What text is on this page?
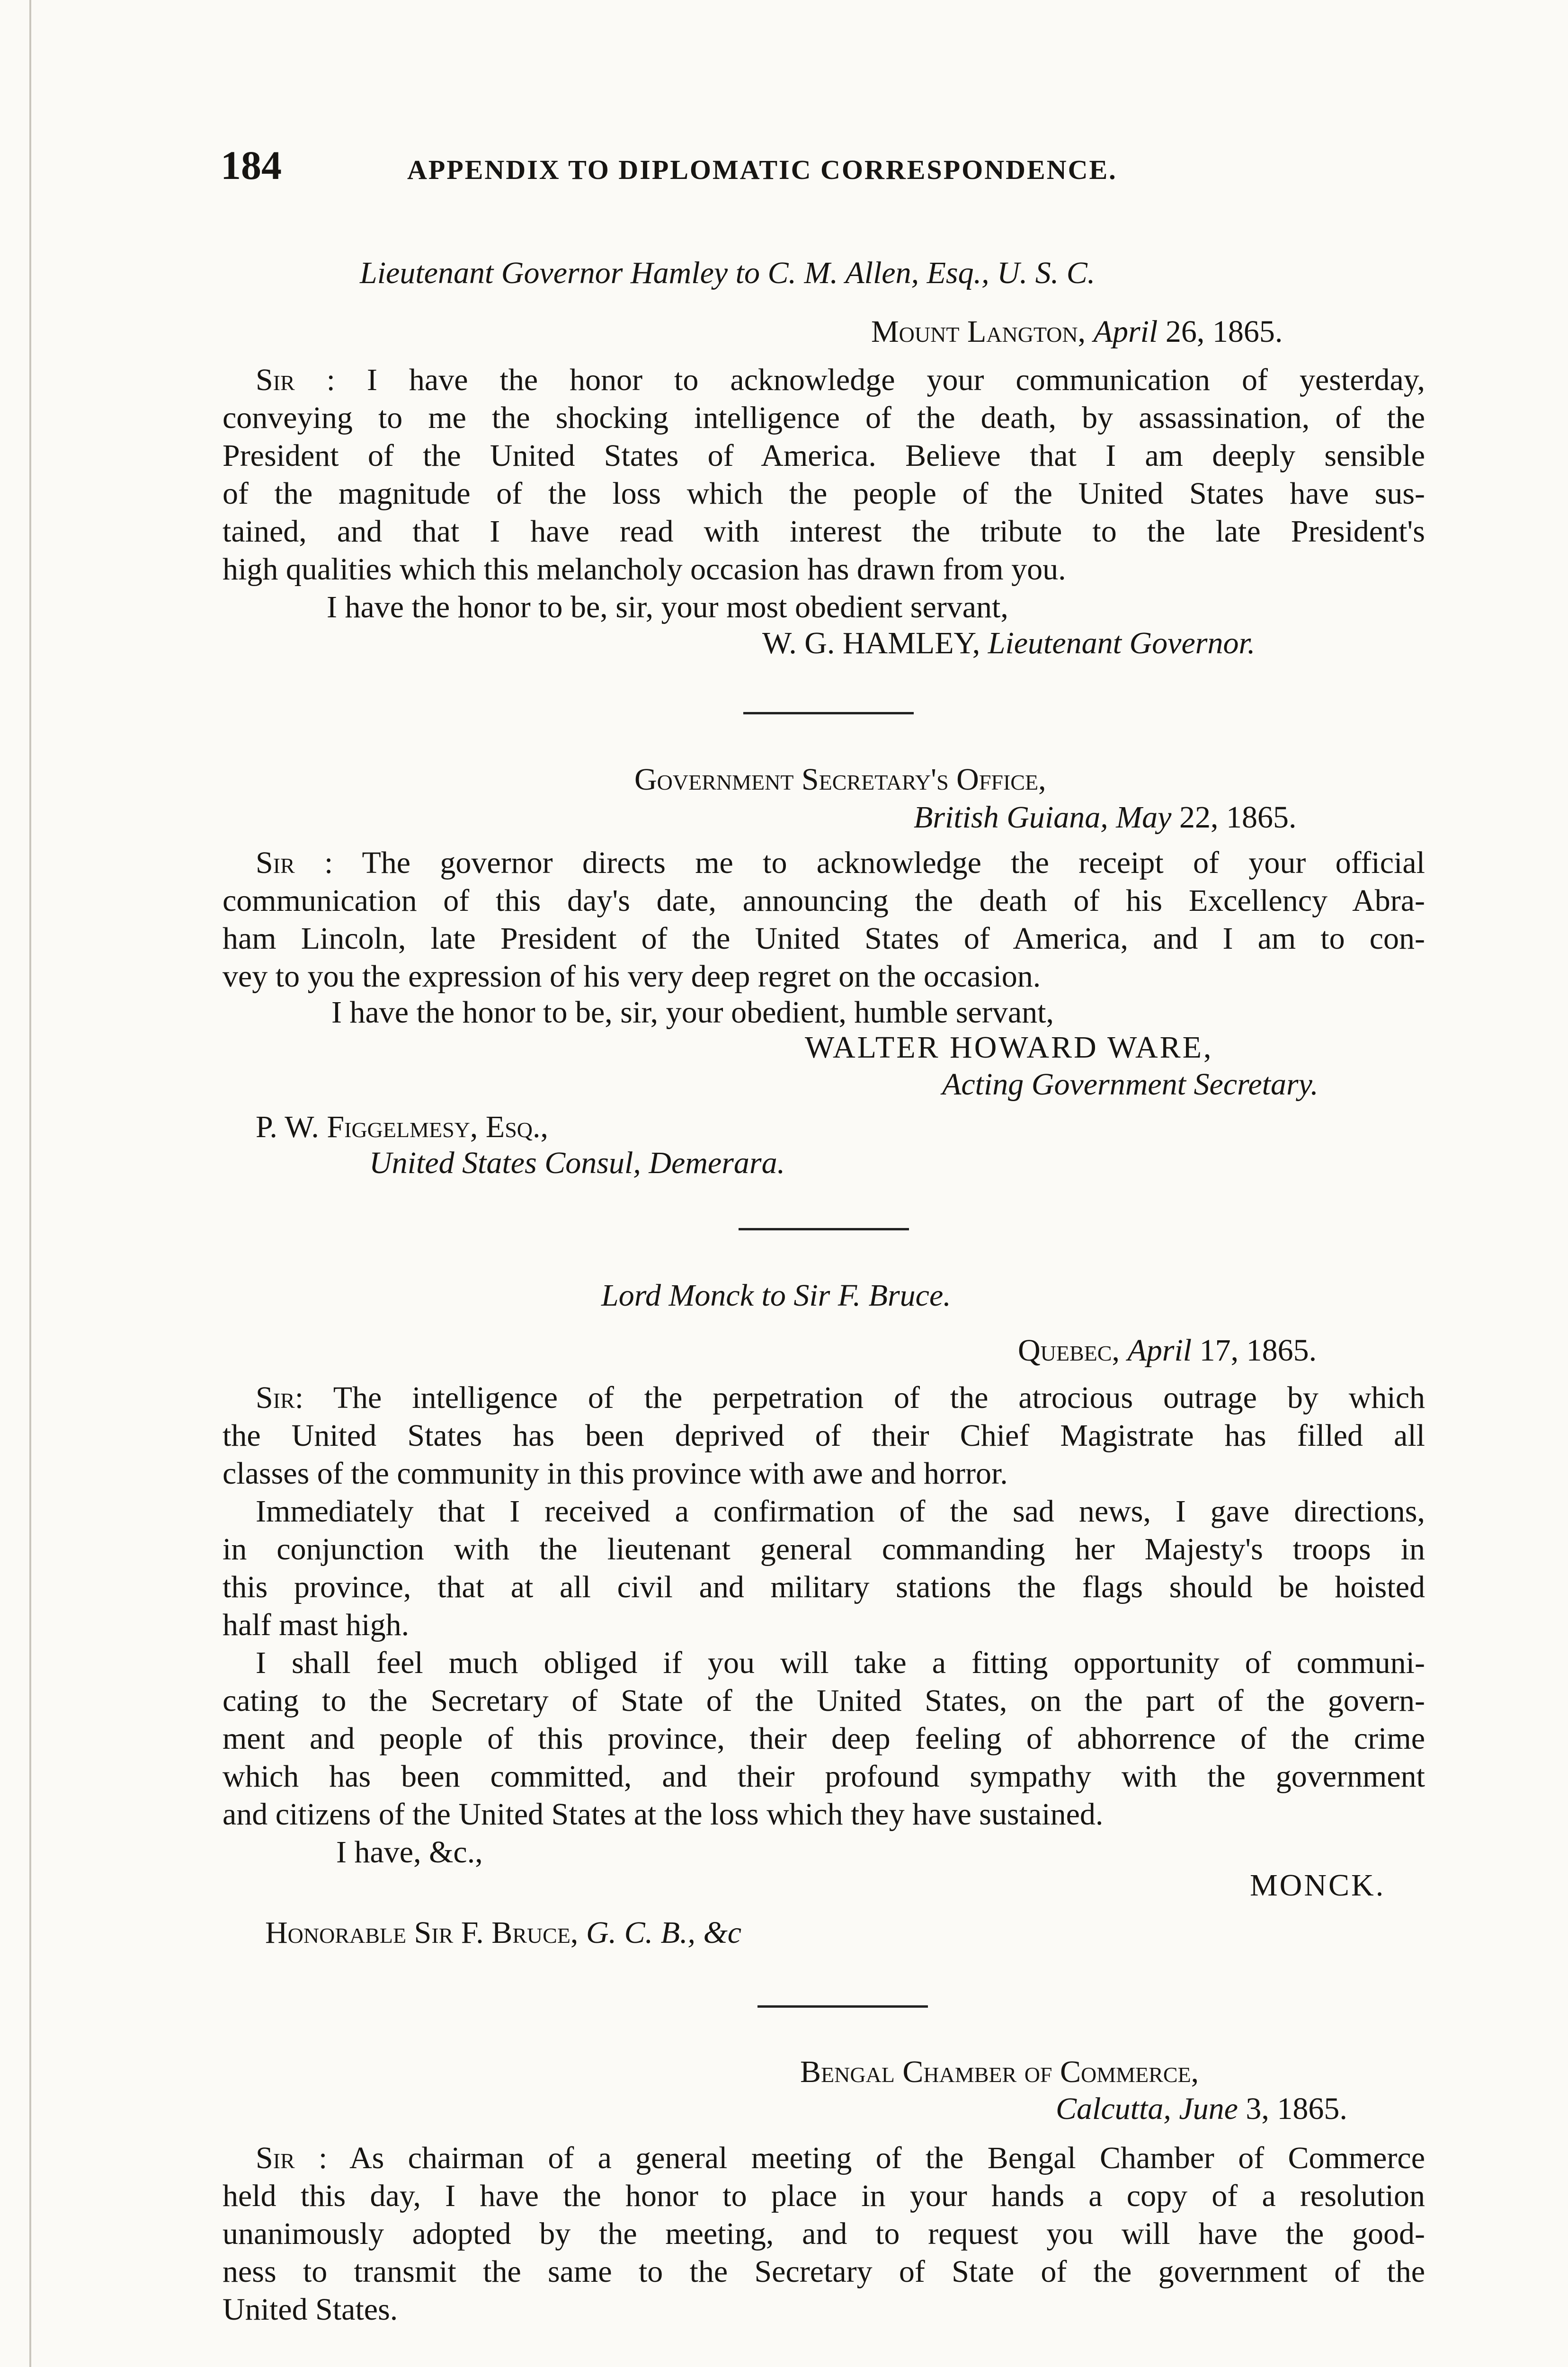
184	APPENDIX TO DIPLOMATIC CORRESPONDENCE.
Lieutenant Governor Hamley to C. M. Allen, Esq., U. S. C.
Mount Langton, April 26, 1865.
Sir : I have the honor to acknowledge your communication of yesterday,
conveying to me the shocking intelligence of the death, by assassination, of the
President of the United States of America. Believe that I am deeply sensible
of the magnitude of the loss which the people of the United States have sus-
tained, and that I have read with interest the tribute to the late President's
high qualities which this melancholy occasion has drawn from you.
I have the honor to be, sir, your most obedient servant,
W. G. HAMLEY, Lieutenant Governor.
Government Secretary's Office,
British Guiana, May 22, 1865.
Sir : The governor directs me to acknowledge the receipt of your official
communication of this day's date, announcing the death of his Excellency Abra-
ham Lincoln, late President of the United States of America, and I am to con-
vey to you the expression of his very deep regret on the occasion.
I have the honor to be, sir, your obedient, humble servant,
WALTER HOWARD WARE,
Acting Government Secretary.
P. W. Figgelmesy, Esq.,
United States Consul, Demerara.
Lord Monck to Sir F. Bruce.
Quebec, April 17, 1865.
Sir: The intelligence of the perpetration of the atrocious outrage by which
the United States has been deprived of their Chief Magistrate has filled all
classes of the community in this province with awe and horror.
Immediately that I received a confirmation of the sad news, I gave directions,
in conjunction with the lieutenant general commanding her Majesty's troops in
this province, that at all civil and military stations the flags should be hoisted
half mast high.
I shall feel much obliged if you will take a fitting opportunity of communi-
cating to the Secretary of State of the United States, on the part of the govern-
ment and people of this province, their deep feeling of abhorrence of the crime
which has been committed, and their profound sympathy with the government
and citizens of the United States at the loss which they have sustained.
I have, &c.,
MONCK.
Honorable Sir F. Bruce, G. C. B., &c
Bengal Chamber of Commerce,
Calcutta, June 3, 1865.
Sir : As chairman of a general meeting of the Bengal Chamber of Commerce
held this day, I have the honor to place in your hands a copy of a resolution
unanimously adopted by the meeting, and to request you will have the good-
ness to transmit the same to the Secretary of State of the government of the
United States.
